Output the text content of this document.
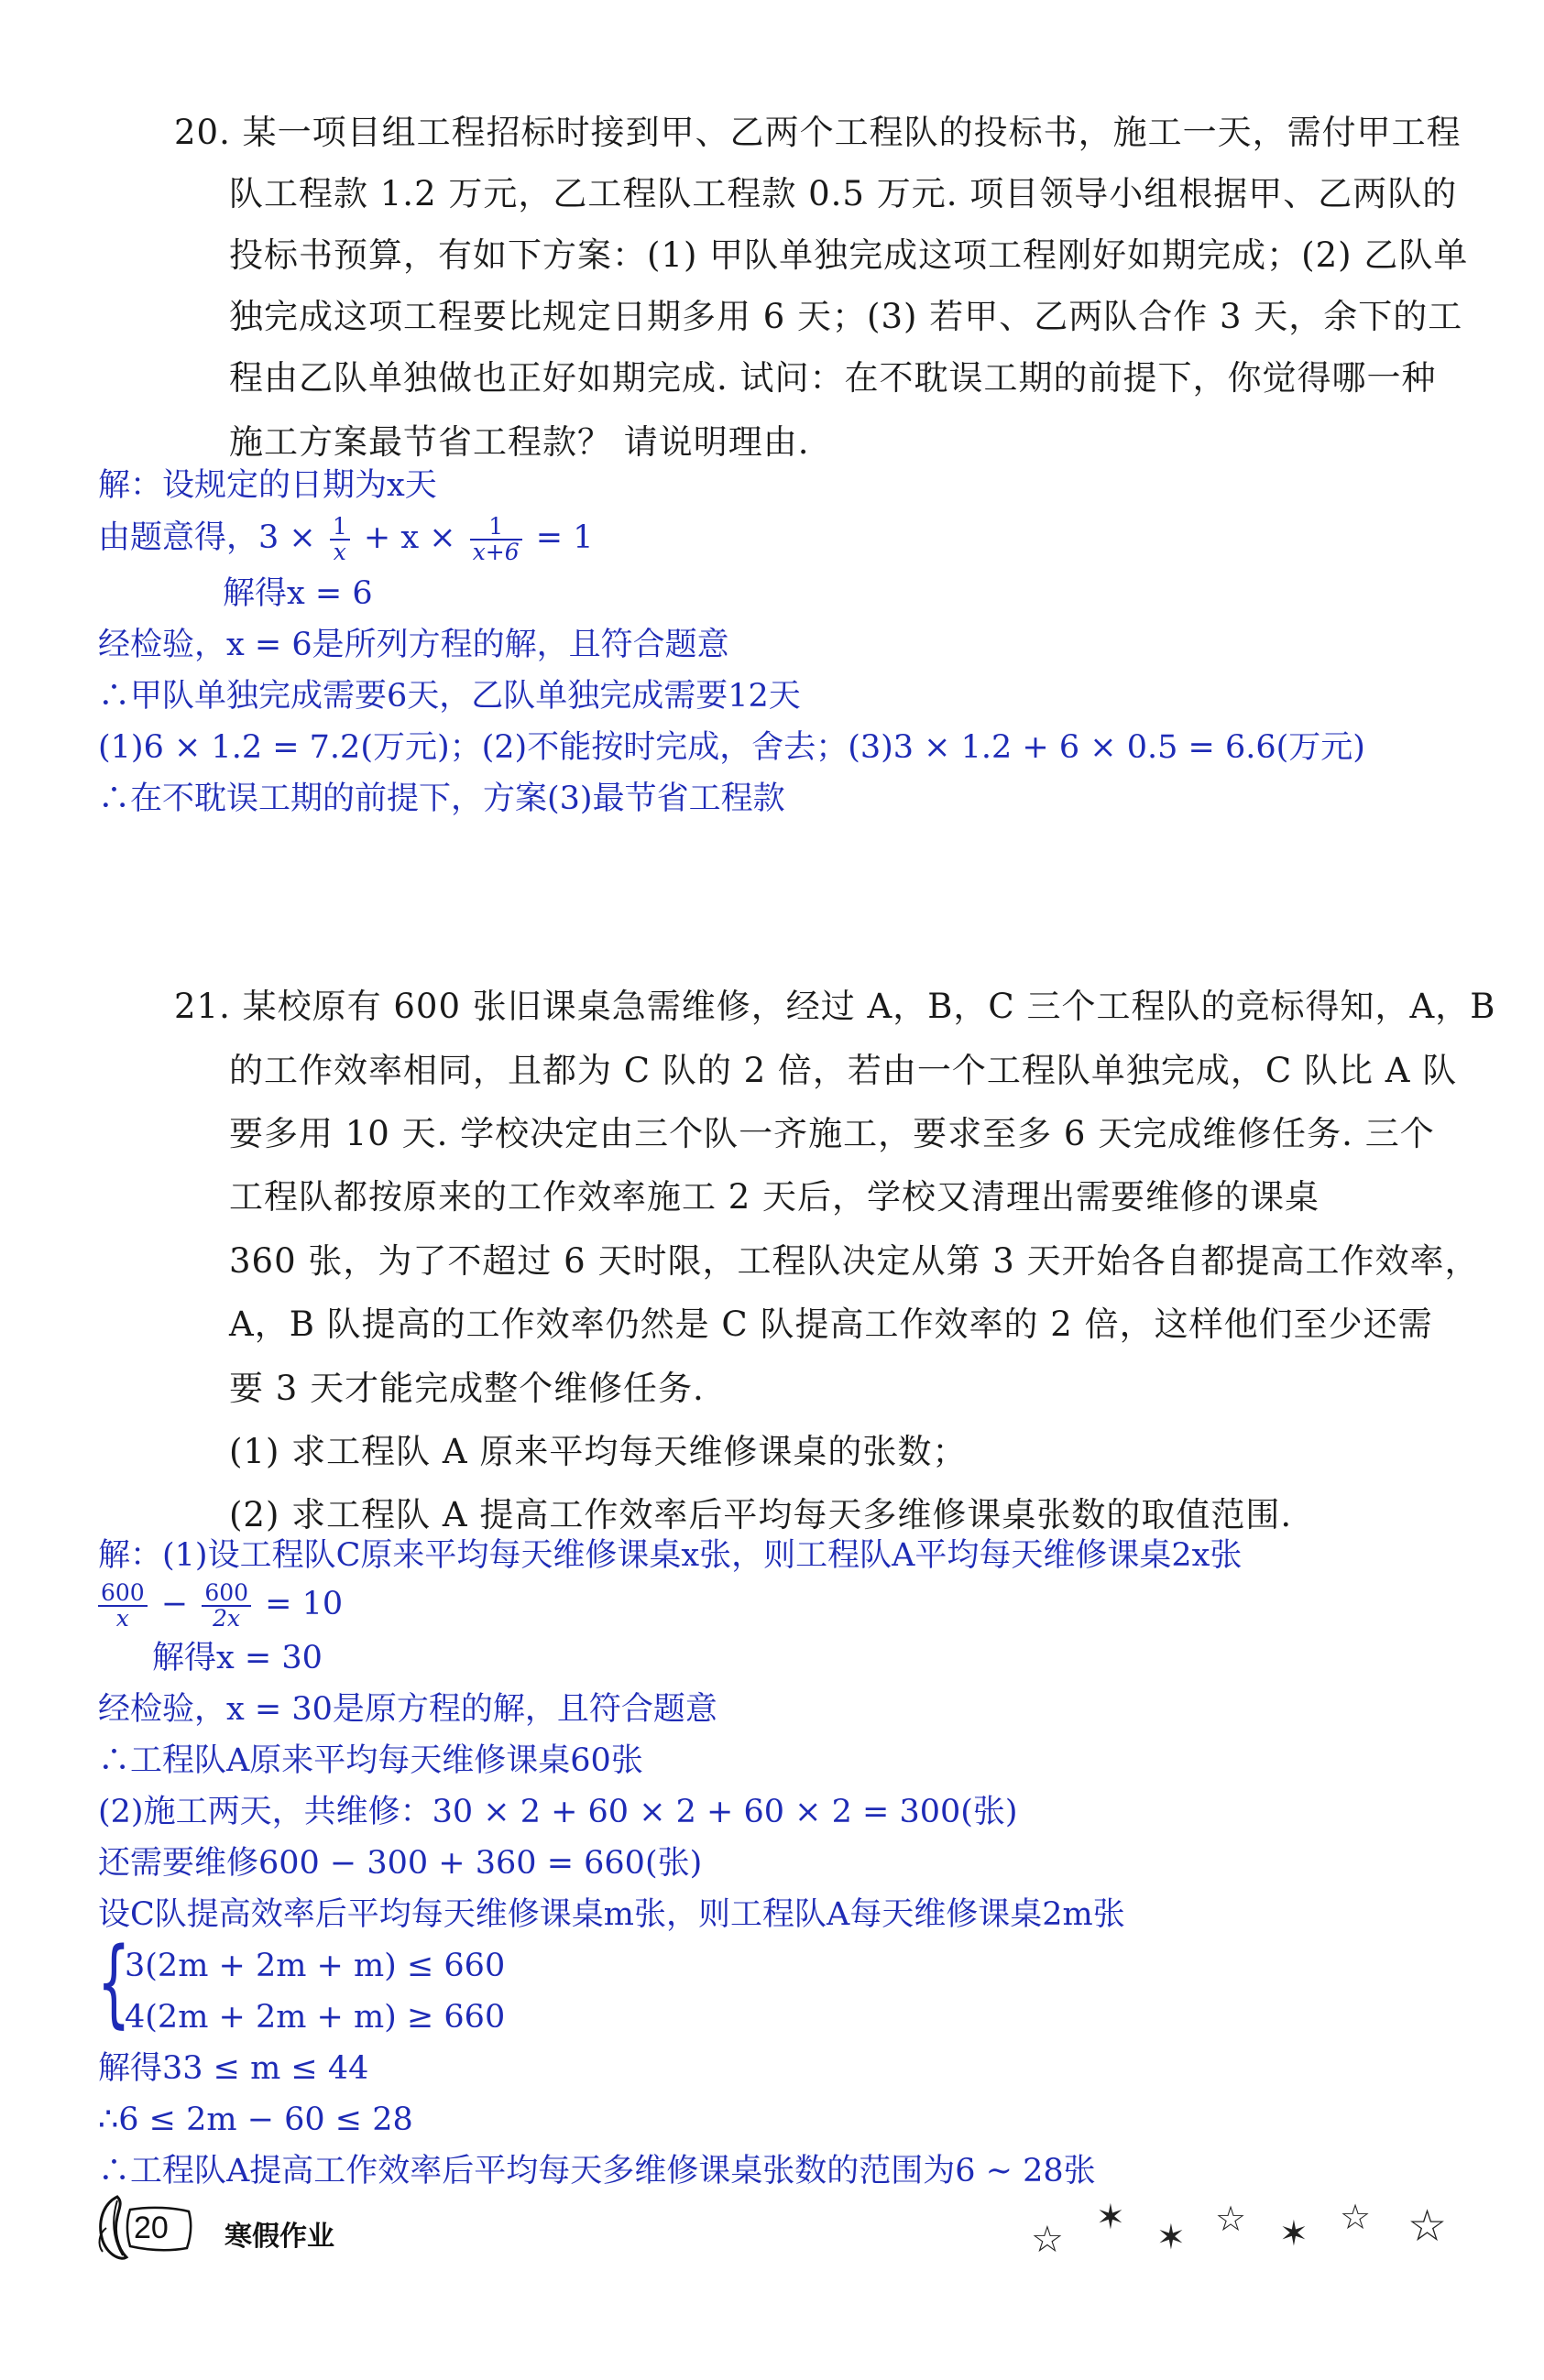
20. 某一项目组工程招标时接到甲、乙两个工程队的投标书，施工一天，需付甲工程
队工程款 1.2 万元，乙工程队工程款 0.5 万元. 项目领导小组根据甲、乙两队的
投标书预算，有如下方案：(1) 甲队单独完成这项工程刚好如期完成；(2) 乙队单
独完成这项工程要比规定日期多用 6 天；(3) 若甲、乙两队合作 3 天，余下的工
程由乙队单独做也正好如期完成. 试问：在不耽误工期的前提下，你觉得哪一种
施工方案最节省工程款？ 请说明理由.
解：设规定的日期为x天
由题意得，$3 \times \frac{1}{x} + x \times \frac{1}{x+6} = 1$
解得x = 6
经检验，x = 6是所列方程的解，且符合题意
∴甲队单独完成需要6天，乙队单独完成需要12天
(1)6 × 1.2 = 7.2(万元)；(2)不能按时完成，舍去；(3)3 × 1.2 + 6 × 0.5 = 6.6(万元)
∴在不耽误工期的前提下，方案(3)最节省工程款
21. 某校原有 600 张旧课桌急需维修，经过 A，B，C 三个工程队的竞标得知，A，B
的工作效率相同，且都为 C 队的 2 倍，若由一个工程队单独完成，C 队比 A 队
要多用 10 天. 学校决定由三个队一齐施工，要求至多 6 天完成维修任务. 三个
工程队都按原来的工作效率施工 2 天后，学校又清理出需要维修的课桌
360 张，为了不超过 6 天时限，工程队决定从第 3 天开始各自都提高工作效率，
A，B 队提高的工作效率仍然是 C 队提高工作效率的 2 倍，这样他们至少还需
要 3 天才能完成整个维修任务.
(1) 求工程队 A 原来平均每天维修课桌的张数；
(2) 求工程队 A 提高工作效率后平均每天多维修课桌张数的取值范围.
解：(1)设工程队C原来平均每天维修课桌x张，则工程队A平均每天维修课桌2x张
$\frac{600}{x} - \frac{600}{2x} = 10$
解得x = 30
经检验，x = 30是原方程的解，且符合题意
∴工程队A原来平均每天维修课桌60张
(2)施工两天，共维修：30 × 2 + 60 × 2 + 60 × 2 = 300(张)
还需要维修600 − 300 + 360 = 660(张)
设C队提高效率后平均每天维修课桌m张，则工程队A每天维修课桌2m张
{
3(2m + 2m + m) ≤ 660
4(2m + 2m + m) ≥ 660
解得33 ≤ m ≤ 44
∴6 ≤ 2m − 60 ≤ 28
∴工程队A提高工作效率后平均每天多维修课桌张数的范围为6 ∼ 28张
20 寒假作业	☆
✶ ✶ ☆ ✶ ☆ ☆
